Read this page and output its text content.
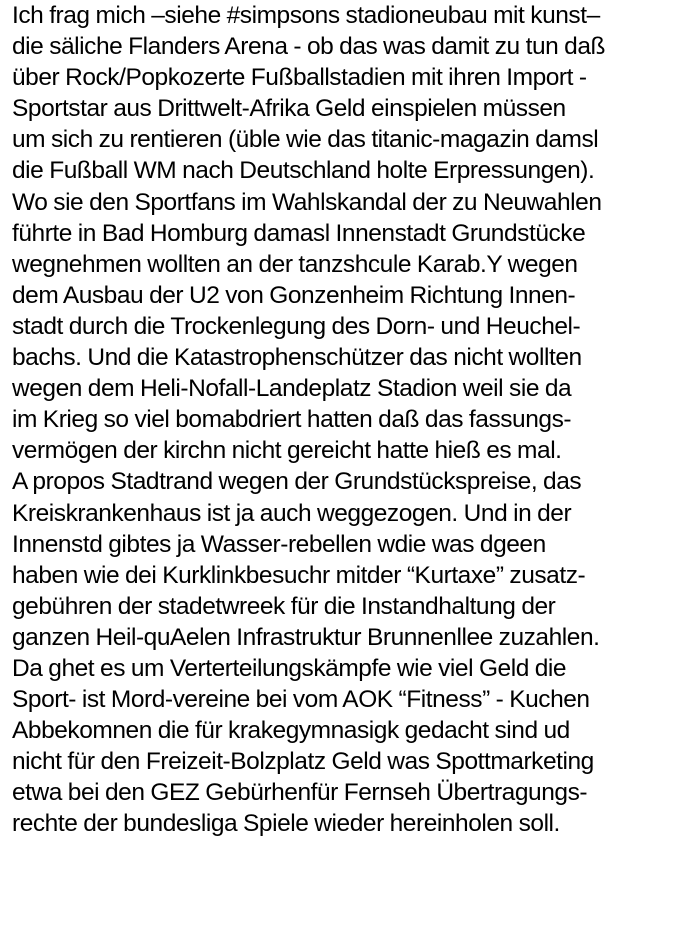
Ich frag mich –siehe #simpsons stadioneubau mit kunst–
die säliche Flanders Arena - ob das was damit zu tun daß
über Rock/Popkozerte Fußballstadien mit ihren Import -
Sportstar aus Drittwelt-Afrika Geld einspielen müssen
um sich zu rentieren (üble wie das titanic-magazin damsl
die Fußball WM nach Deutschland holte Erpressungen).
Wo sie den Sportfans im Wahlskandal der zu Neuwahlen
führte in Bad Homburg damasl Innenstadt Grundstücke
wegnehmen wollten an der tanzshcule Karab.Y wegen
dem Ausbau der U2 von Gonzenheim Richtung Innen-
stadt durch die Trockenlegung des Dorn- und Heuchel-
bachs. Und die Katastrophenschützer das nicht wollten
wegen dem Heli-Nofall-Landeplatz Stadion weil sie da
im Krieg so viel bomabdriert hatten daß das fassungs-
vermögen der kirchn nicht gereicht hatte hieß es mal.
A propos Stadtrand wegen der Grundstückspreise, das
Kreiskrankenhaus ist ja auch weggezogen. Und in der
Innenstd gibtes ja Wasser-rebellen wdie was dgeen
haben wie dei Kurklinkbesuchr mitder “Kurtaxe” zusatz-
gebühren der stadetwreek für die Instandhaltung der
ganzen Heil-quAelen Infrastruktur Brunnenllee zuzahlen.
Da ghet es um Verterteilungskämpfe wie viel Geld die
Sport- ist Mord-vereine bei vom AOK “Fitness” - Kuchen
Abbekomnen die für krakegymnasigk gedacht sind ud
nicht für den Freizeit-Bolzplatz Geld was Spottmarketing
etwa bei den GEZ Gebürhenfür Fernseh Übertragungs-
rechte der bundesliga Spiele wieder hereinholen soll.
